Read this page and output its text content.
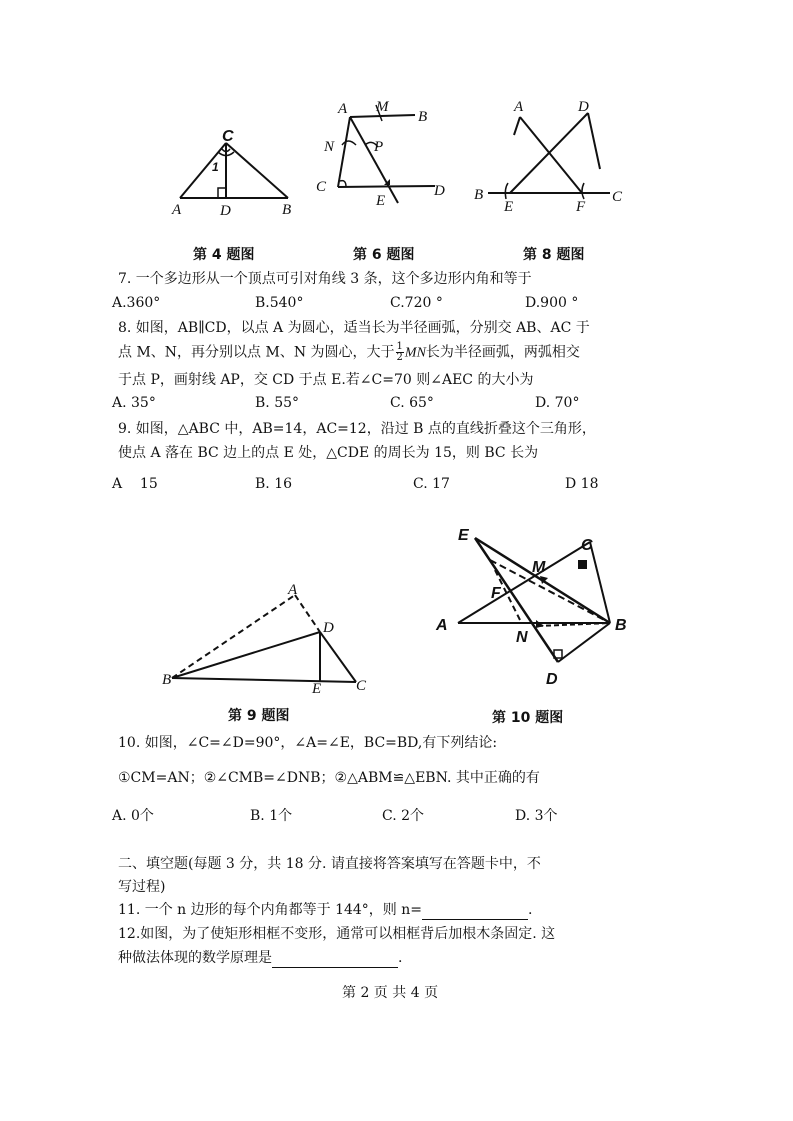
C
1
A	D	B
第 4 题图
A M
B
N	P
C
E
D
第 6 题图
A	D
B
E	F
C
第 8 题图
7. 一个多边形从一个顶点可引对角线 3 条，这个多边形内角和等于
A.360°	B.540°	C.720 °	D.900 °
8. 如图，AB∥CD，以点 A 为圆心，适当长为半径画弧，分别交 AB、AC 于
点 M、N，再分别以点 M、N 为圆心，大于 $\frac{1}{2}$ MN长为半径画弧，两弧相交
于点 P，画射线 AP，交 CD 于点 E.若∠C=70 则∠AEC 的大小为
A. 35°	B. 55°	C. 65°	D. 70°
9. 如图，△ABC 中，AB=14，AC=12，沿过 B 点的直线折叠这个三角形，
使点 A 落在 BC 边上的点 E 处，△CDE 的周长为 15，则 BC 长为
A    15	B. 16	C. 17	D 18
A
D
B
E C
第 9 题图
E
C
M
F
A
N
B
D
第 10 题图
10. 如图，∠C=∠D=90°，∠A=∠E，BC=BD,有下列结论:
①CM=AN；②∠CMB=∠DNB；②△ABM≌△EBN. 其中正确的有
A. 0个	B. 1个	C. 2个	D. 3个
二、填空题(每题 3 分，共 18 分. 请直接将答案填写在答题卡中，不
写过程)
11. 一个 n 边形的每个内角都等于 144°，则 n=	.
12.如图，为了使矩形相框不变形，通常可以相框背后加根木条固定. 这
种做法体现的数学原理是	.
第 2 页 共 4 页
